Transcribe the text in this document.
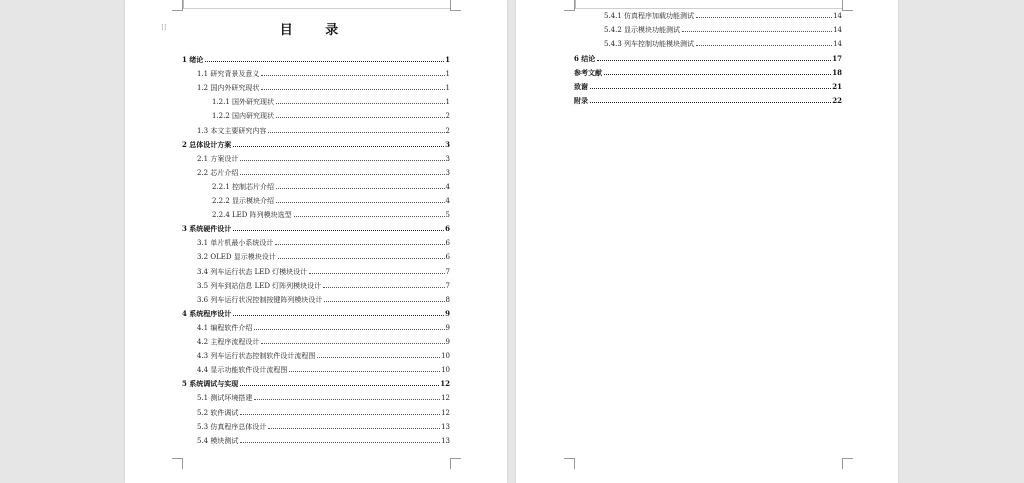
⁞⁞	目 录
1 绪论	1
1.1 研究背景及意义	1
1.2 国内外研究现状	1
1.2.1 国外研究现状	1
1.2.2 国内研究现状	2
1.3 本文主要研究内容	2
2 总体设计方案	3
2.1 方案设计	3
2.2 芯片介绍	3
2.2.1 控制芯片介绍	4
2.2.2 显示模块介绍	4
2.2.4 LED 阵列模块选型	5
3 系统硬件设计	6
3.1 单片机最小系统设计	6
3.2 OLED 显示模块设计	6
3.4 列车运行状态 LED 灯模块设计	7
3.5 列车到站信息 LED 灯阵列模块设计	7
3.6 列车运行状况控制按键阵列模块设计	8
4 系统程序设计	9
4.1 编程软件介绍	9
4.2 主程序流程设计	9
4.3 列车运行状态控制软件设计流程图	10
4.4 显示功能软件设计流程图	10
5 系统调试与实现	12
5.1 测试环境搭建	12
5.2 软件调试	12
5.3 仿真程序总体设计	13
5.4 模块测试	13
5.4.1 仿真程序加载功能测试	14
5.4.2 显示模块功能测试	14
5.4.3 列车控制功能模块测试	14
6 结论	17
参考文献	18
致谢	21
附录	22
